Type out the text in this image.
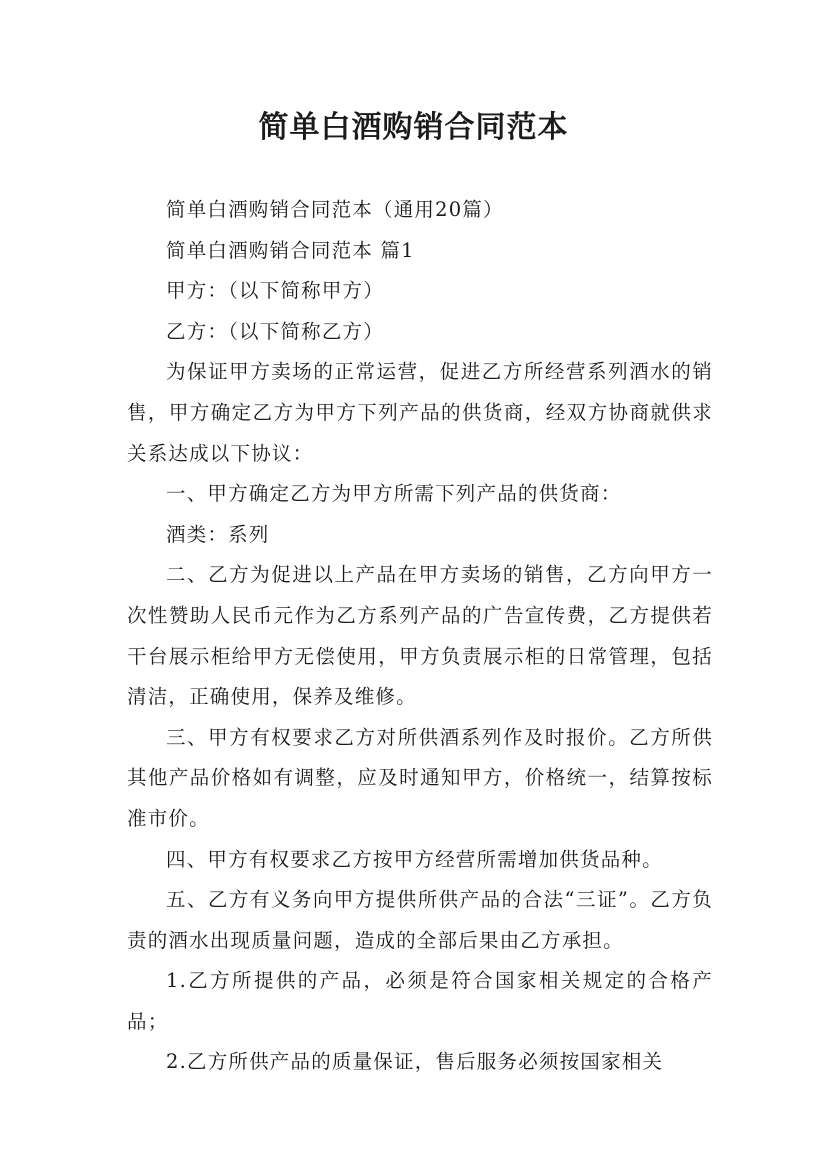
简单白酒购销合同范本

简单白酒购销合同范本（通用20篇）

简单白酒购销合同范本 篇1

甲方：（以下简称甲方）

乙方：（以下简称乙方）

为保证甲方卖场的正常运营，促进乙方所经营系列酒水的销售，甲方确定乙方为甲方下列产品的供货商，经双方协商就供求关系达成以下协议：

一、甲方确定乙方为甲方所需下列产品的供货商：

酒类：系列

二、乙方为促进以上产品在甲方卖场的销售，乙方向甲方一次性赞助人民币元作为乙方系列产品的广告宣传费，乙方提供若干台展示柜给甲方无偿使用，甲方负责展示柜的日常管理，包括清洁，正确使用，保养及维修。

三、甲方有权要求乙方对所供酒系列作及时报价。乙方所供其他产品价格如有调整，应及时通知甲方，价格统一，结算按标准市价。

四、甲方有权要求乙方按甲方经营所需增加供货品种。

五、乙方有义务向甲方提供所供产品的合法“三证”。乙方负责的酒水出现质量问题，造成的全部后果由乙方承担。

1.乙方所提供的产品，必须是符合国家相关规定的合格产品；

2.乙方所供产品的质量保证，售后服务必须按国家相关
